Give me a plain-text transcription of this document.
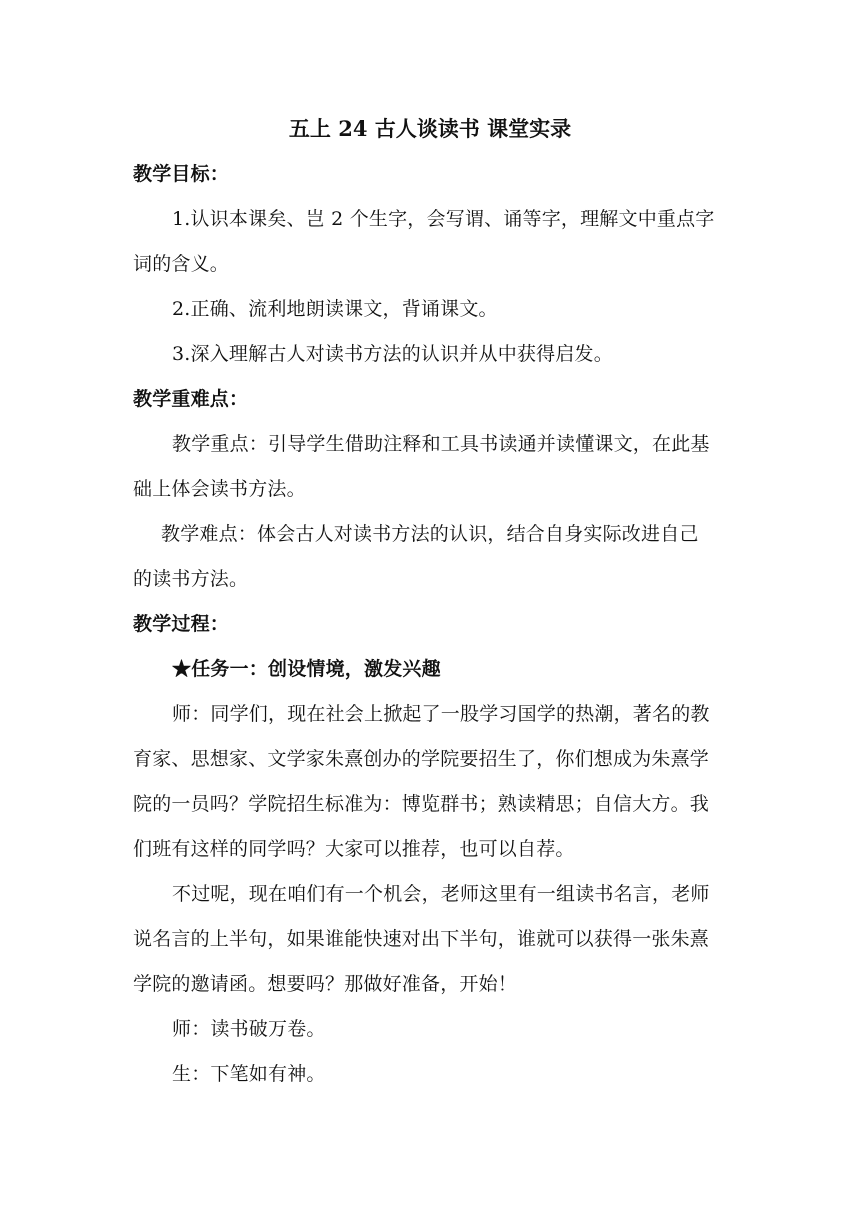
五上 24 古人谈读书 课堂实录
教学目标：
1.认识本课矣、岂 2 个生字，会写谓、诵等字，理解文中重点字
词的含义。
2.正确、流利地朗读课文，背诵课文。
3.深入理解古人对读书方法的认识并从中获得启发。
教学重难点：
教学重点：引导学生借助注释和工具书读通并读懂课文，在此基
础上体会读书方法。
教学难点：体会古人对读书方法的认识，结合自身实际改进自己
的读书方法。
教学过程：
★任务一：创设情境，激发兴趣
师：同学们，现在社会上掀起了一股学习国学的热潮，著名的教
育家、思想家、文学家朱熹创办的学院要招生了，你们想成为朱熹学
院的一员吗？学院招生标准为：博览群书；熟读精思；自信大方。我
们班有这样的同学吗？大家可以推荐，也可以自荐。
不过呢，现在咱们有一个机会，老师这里有一组读书名言，老师
说名言的上半句，如果谁能快速对出下半句，谁就可以获得一张朱熹
学院的邀请函。想要吗？那做好准备，开始！
师：读书破万卷。
生：下笔如有神。
